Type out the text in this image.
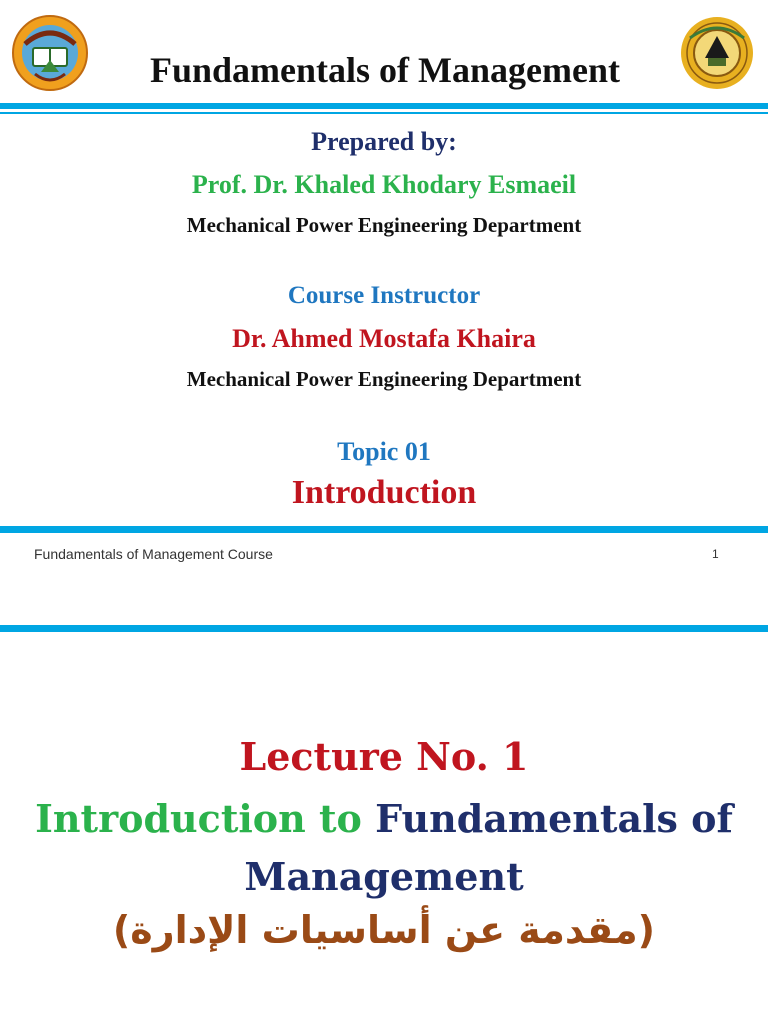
Fundamentals of Management
Prepared by:
Prof. Dr. Khaled Khodary Esmaeil
Mechanical Power Engineering Department
Course Instructor
Dr. Ahmed Mostafa Khaira
Mechanical Power Engineering Department
Topic 01
Introduction
Fundamentals of Management Course	1
Lecture No. 1
Introduction to Fundamentals of
Management
(مقدمة عن أساسيات الإدارة)
